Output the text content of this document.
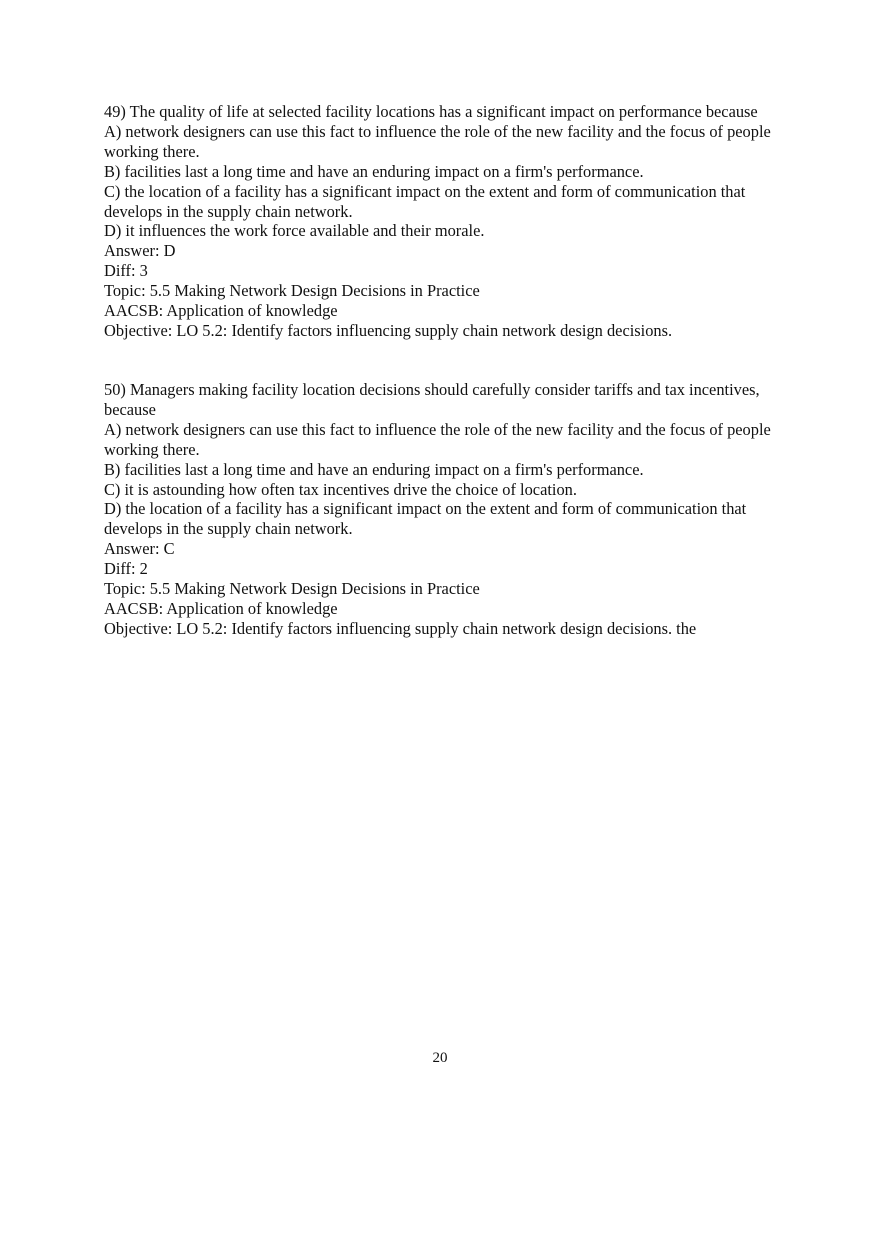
49) The quality of life at selected facility locations has a significant impact on performance because

A) network designers can use this fact to influence the role of the new facility and the focus of people working there.

B) facilities last a long time and have an enduring impact on a firm's performance.

C) the location of a facility has a significant impact on the extent and form of communication that develops in the supply chain network.

D) it influences the work force available and their morale.

Answer: D

Diff: 3

Topic: 5.5 Making Network Design Decisions in Practice

AACSB: Application of knowledge

Objective: LO 5.2: Identify factors influencing supply chain network design decisions.

50) Managers making facility location decisions should carefully consider tariffs and tax incentives, because

A) network designers can use this fact to influence the role of the new facility and the focus of people working there.

B) facilities last a long time and have an enduring impact on a firm's performance.

C) it is astounding how often tax incentives drive the choice of location.

D) the location of a facility has a significant impact on the extent and form of communication that develops in the supply chain network.

Answer: C

Diff: 2

Topic: 5.5 Making Network Design Decisions in Practice

AACSB: Application of knowledge

Objective: LO 5.2: Identify factors influencing supply chain network design decisions. the

20
